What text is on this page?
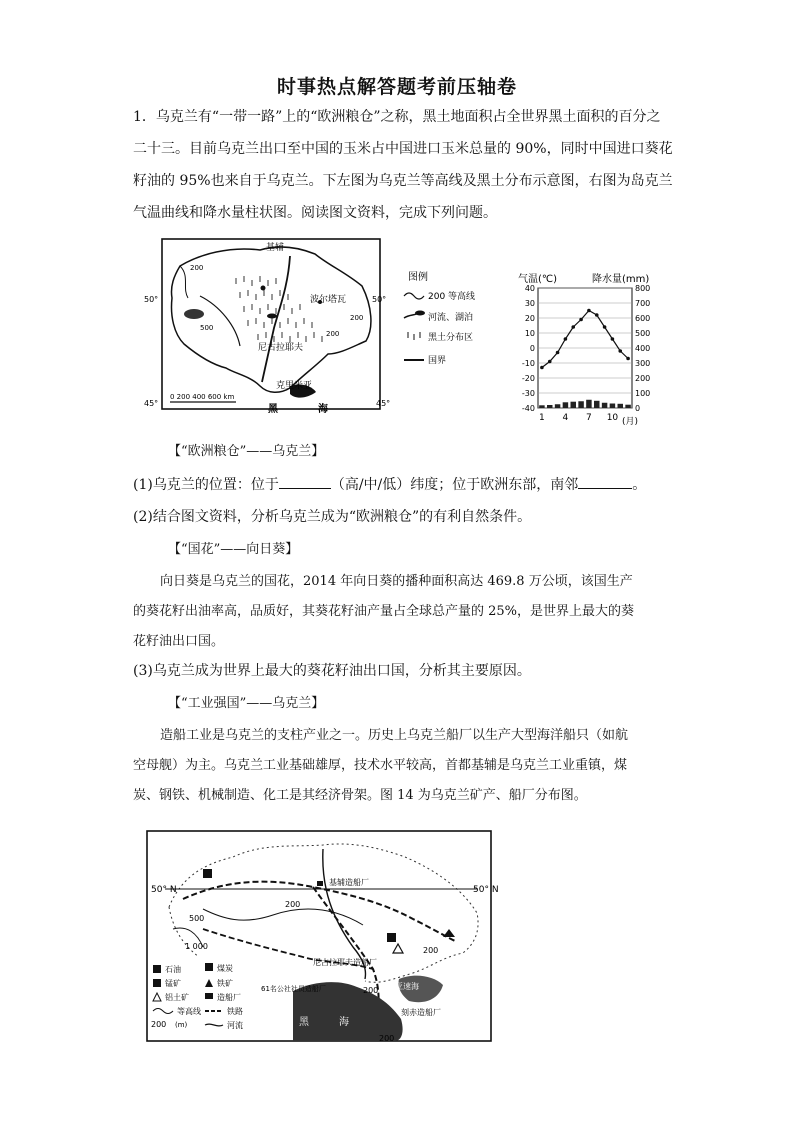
时事热点解答题考前压轴卷
1．乌克兰有“一带一路”上的“欧洲粮仓”之称，黑土地面积占全世界黑土面积的百分之
二十三。目前乌克兰出口至中国的玉米占中国进口玉米总量的 90%，同时中国进口葵花
籽油的 95%也来自于乌克兰。下左图为乌克兰等高线及黑土分布示意图，右图为岛克兰
气温曲线和降水量柱状图。阅读图文资料，完成下列问题。
基辅
波尔塔瓦
尼古拉耶夫
克里米亚
黑	海
50°	50°
45°	45°
0 200 400 600 km
200
200
200
500
图例
200 等高线
河流、湖泊
黑土分布区
国界
气温(℃)	降水量(mm)
40
30
20
10
0
-10
-20
-30
-40
800
700
600
500
400
300
200
100
0
1 4 7 10 (月)
【“欧洲粮仓”——乌克兰】
(1)乌克兰的位置：位于	（高/中/低）纬度；位于欧洲东部，南邻	。
(2)结合图文资料，分析乌克兰成为“欧洲粮仓”的有利自然条件。
【“国花”——向日葵】
向日葵是乌克兰的国花，2014 年向日葵的播种面积高达 469.8 万公顷，该国生产
的葵花籽出油率高，品质好，其葵花籽油产量占全球总产量的 25%，是世界上最大的葵
花籽油出口国。
(3)乌克兰成为世界上最大的葵花籽油出口国，分析其主要原因。
【“工业强国”——乌克兰】
造船工业是乌克兰的支柱产业之一。历史上乌克兰船厂以生产大型海洋船只（如航
空母舰）为主。乌克兰工业基础雄厚，技术水平较高，首都基辅是乌克兰工业重镇，煤
炭、钢铁、机械制造、化工是其经济骨架。图 14 为乌克兰矿产、船厂分布图。
50° N	50° N
基辅造船厂
尼古拉耶夫造船厂
61名公社社员造船厂	亚速海
刻赤造船厂
黑	海
200
500
1 000	200
200
200
石油	煤炭
锰矿	铁矿
铝土矿	造船厂
等高线	铁路
200 (m)	河流
